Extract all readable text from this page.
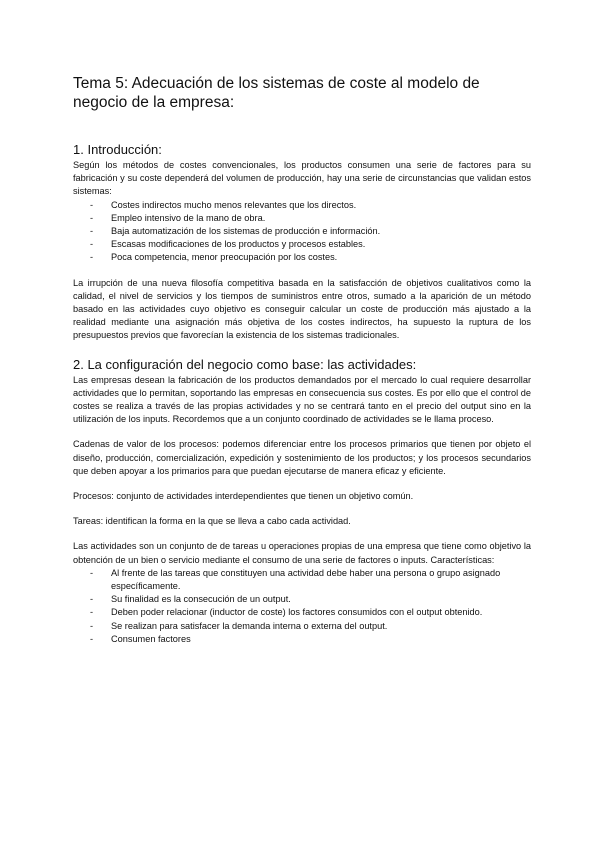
Tema 5: Adecuación de los sistemas de coste al modelo de negocio de la empresa:
1. Introducción:

Según los métodos de costes convencionales, los productos consumen una serie de factores para su fabricación y su coste dependerá del volumen de producción, hay una serie de circunstancias que validan estos sistemas:

- Costes indirectos mucho menos relevantes que los directos.
- Empleo intensivo de la mano de obra.
- Baja automatización de los sistemas de producción e información.
- Escasas modificaciones de los productos y procesos estables.
- Poca competencia, menor preocupación por los costes.

La irrupción de una nueva filosofía competitiva basada en la satisfacción de objetivos cualitativos como la calidad, el nivel de servicios y los tiempos de suministros entre otros, sumado a la aparición de un método basado en las actividades cuyo objetivo es conseguir calcular un coste de producción más ajustado a la realidad mediante una asignación más objetiva de los costes indirectos, ha supuesto la ruptura de los presupuestos previos que favorecían la existencia de los sistemas tradicionales.

2. La configuración del negocio como base: las actividades:

Las empresas desean la fabricación de los productos demandados por el mercado lo cual requiere desarrollar actividades que lo permitan, soportando las empresas en consecuencia sus costes. Es por ello que el control de costes se realiza a través de las propias actividades y no se centrará tanto en el precio del output sino en la utilización de los inputs. Recordemos que a un conjunto coordinado de actividades se le llama proceso.

Cadenas de valor de los procesos: podemos diferenciar entre los procesos primarios que tienen por objeto el diseño, producción, comercialización, expedición y sostenimiento de los productos; y los procesos secundarios que deben apoyar a los primarios para que puedan ejecutarse de manera eficaz y eficiente.

Procesos: conjunto de actividades interdependientes que tienen un objetivo común.

Tareas: identifican la forma en la que se lleva a cabo cada actividad.

Las actividades son un conjunto de de tareas u operaciones propias de una empresa que tiene como objetivo la obtención de un bien o servicio mediante el consumo de una serie de factores o inputs. Características:

- Al frente de las tareas que constituyen una actividad debe haber una persona o grupo asignado específicamente.
- Su finalidad es la consecución de un output.
- Deben poder relacionar (inductor de coste) los factores consumidos con el output obtenido.
- Se realizan para satisfacer la demanda interna o externa del output.
- Consumen factores
